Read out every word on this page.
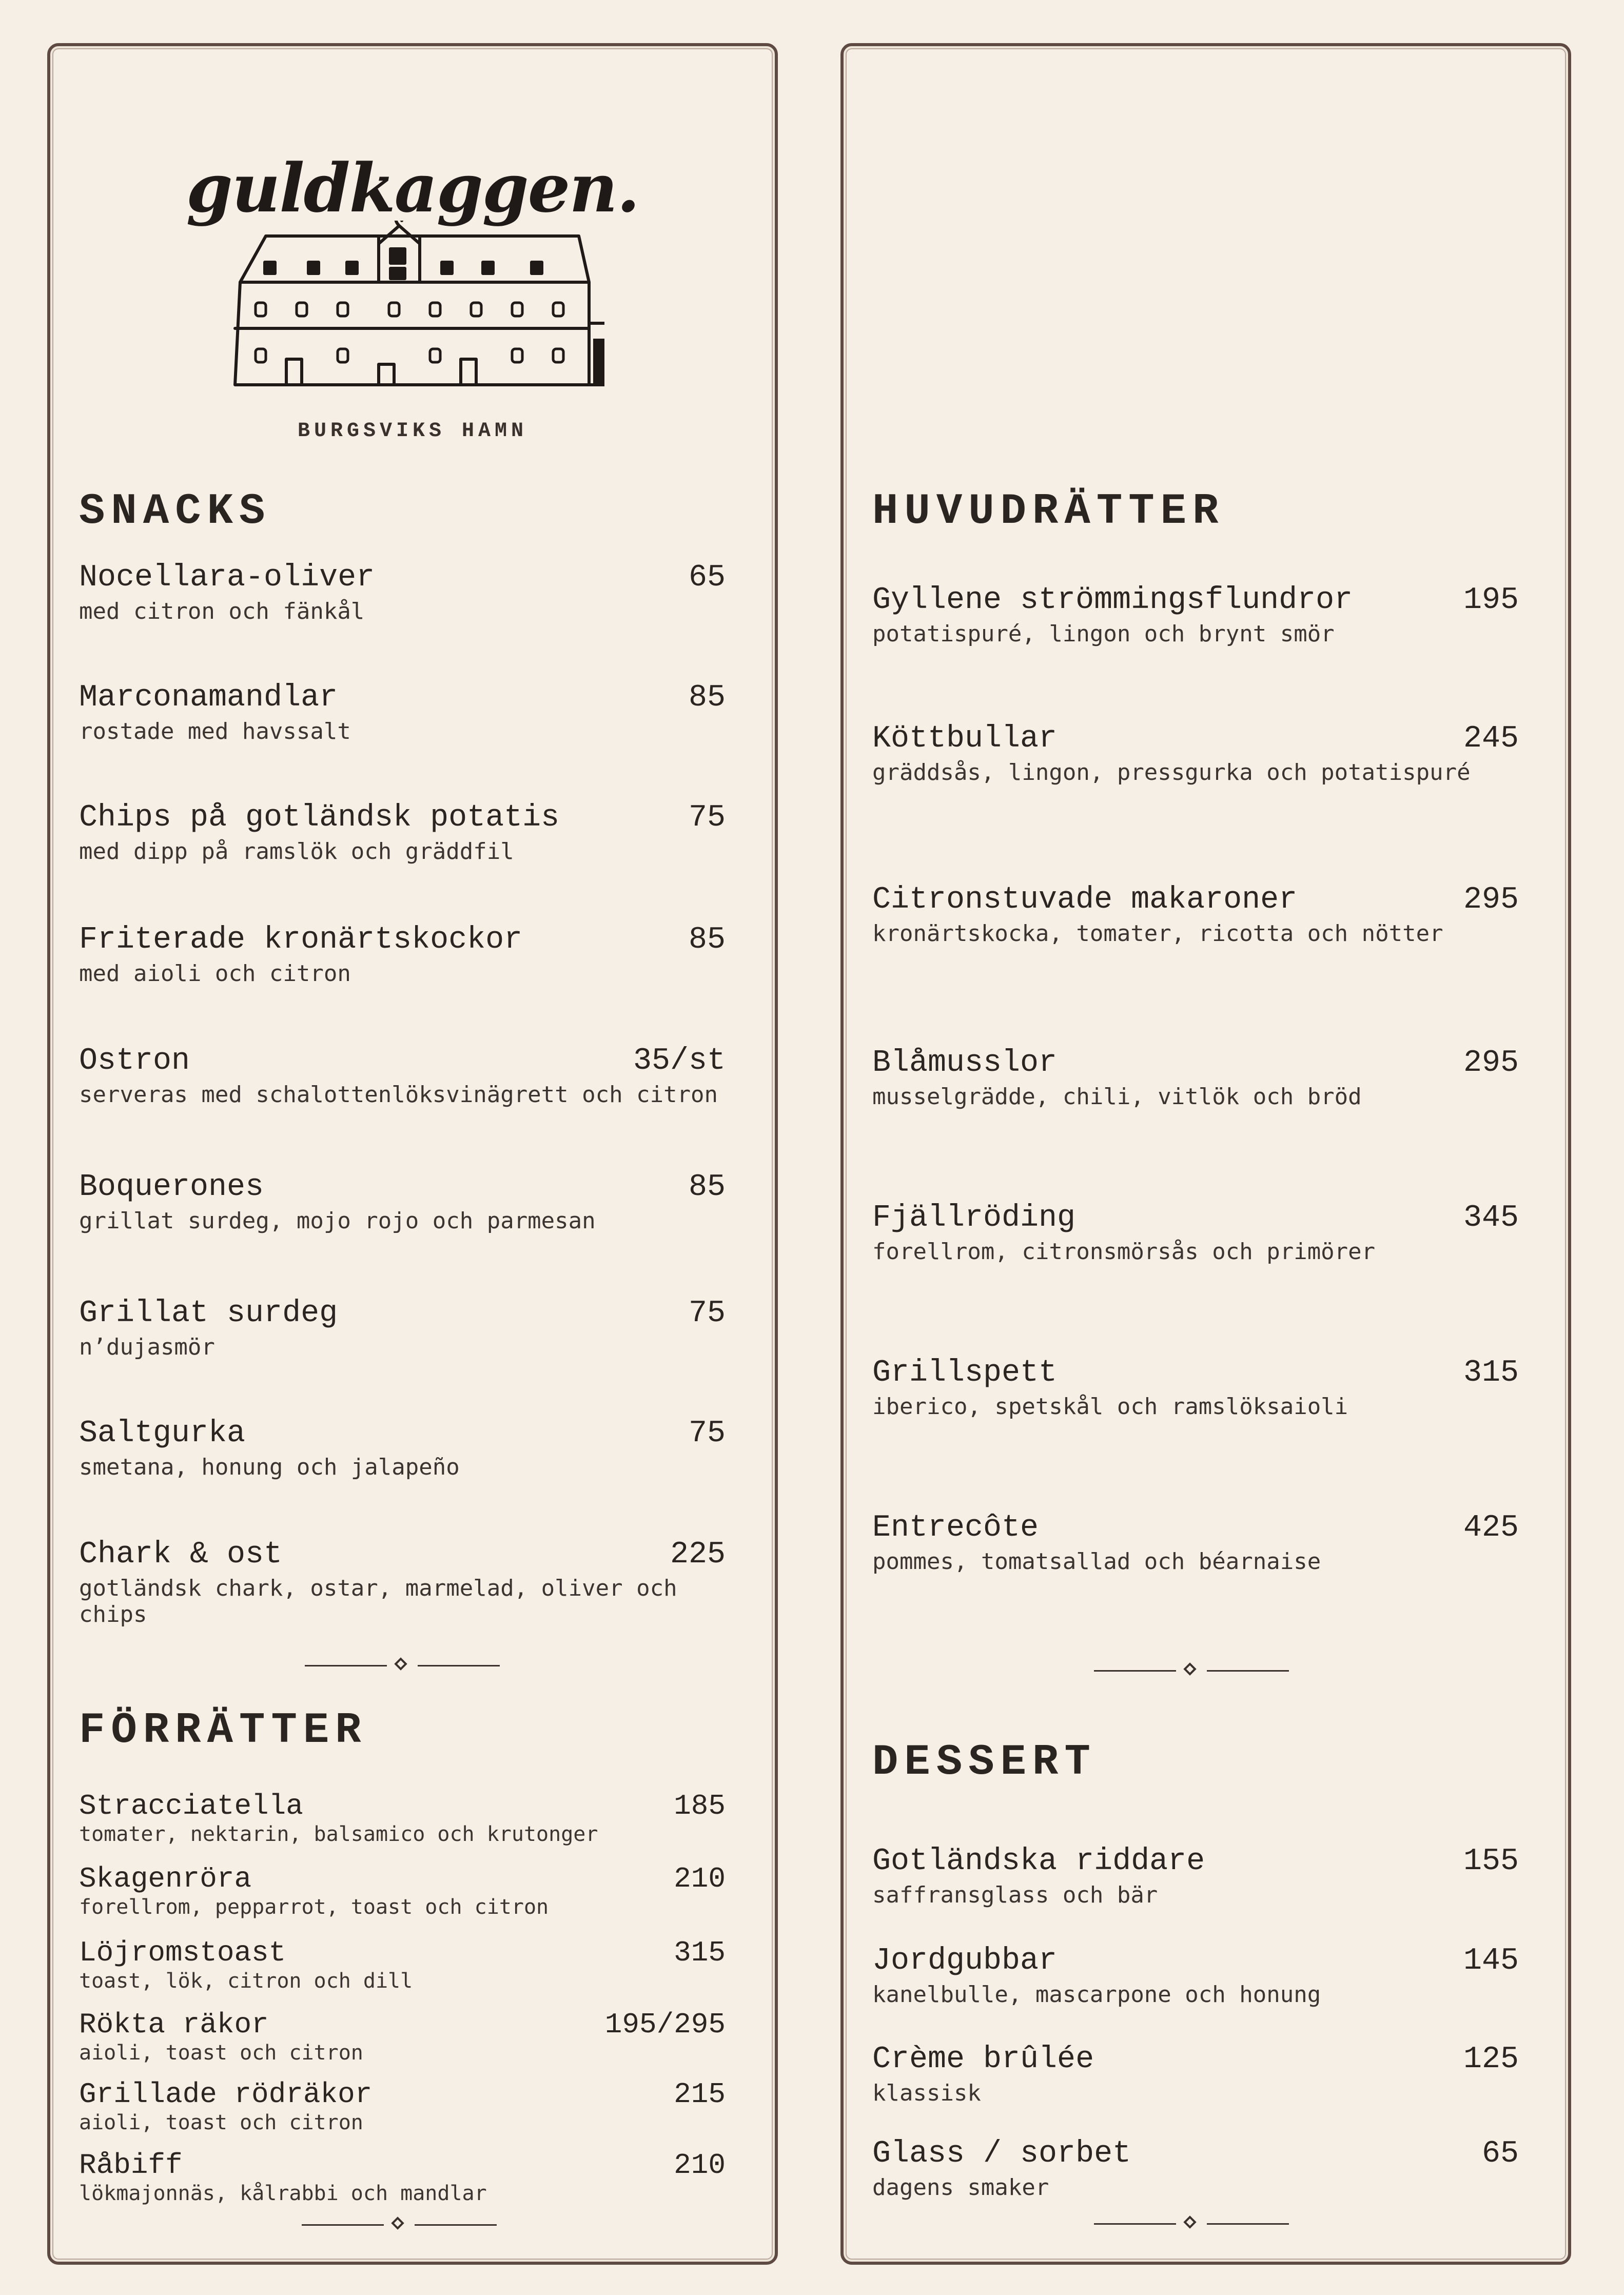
guldkaggen.
BURGSVIKS HAMN
SNACKS
Nocellara-oliver	65
med citron och fänkål
Marconamandlar	85
rostade med havssalt
Chips på gotländsk potatis	75
med dipp på ramslök och gräddfil
Friterade kronärtskockor	85
med aioli och citron
Ostron	35/st
serveras med schalottenlöksvinägrett och citron
Boquerones	85
grillat surdeg, mojo rojo och parmesan
Grillat surdeg	75
n’dujasmör
Saltgurka	75
smetana, honung och jalapeño
Chark & ost	225
gotländsk chark, ostar, marmelad, oliver och chips
FÖRRÄTTER
Stracciatella	185
tomater, nektarin, balsamico och krutonger
Skagenröra	210
forellrom, pepparrot, toast och citron
Löjromstoast	315
toast, lök, citron och dill
Rökta räkor	195/295
aioli, toast och citron
Grillade rödräkor	215
aioli, toast och citron
Råbiff	210
lökmajonnäs, kålrabbi och mandlar
HUVUDRÄTTER
Gyllene strömmingsflundror	195
potatispuré, lingon och brynt smör
Köttbullar	245
gräddsås, lingon, pressgurka och potatispuré
Citronstuvade makaroner	295
kronärtskocka, tomater, ricotta och nötter
Blåmusslor	295
musselgrädde, chili, vitlök och bröd
Fjällröding	345
forellrom, citronsmörsås och primörer
Grillspett	315
iberico, spetskål och ramslöksaioli
Entrecôte	425
pommes, tomatsallad och béarnaise
DESSERT
Gotländska riddare	155
saffransglass och bär
Jordgubbar	145
kanelbulle, mascarpone och honung
Crème brûlée	125
klassisk
Glass / sorbet	65
dagens smaker
